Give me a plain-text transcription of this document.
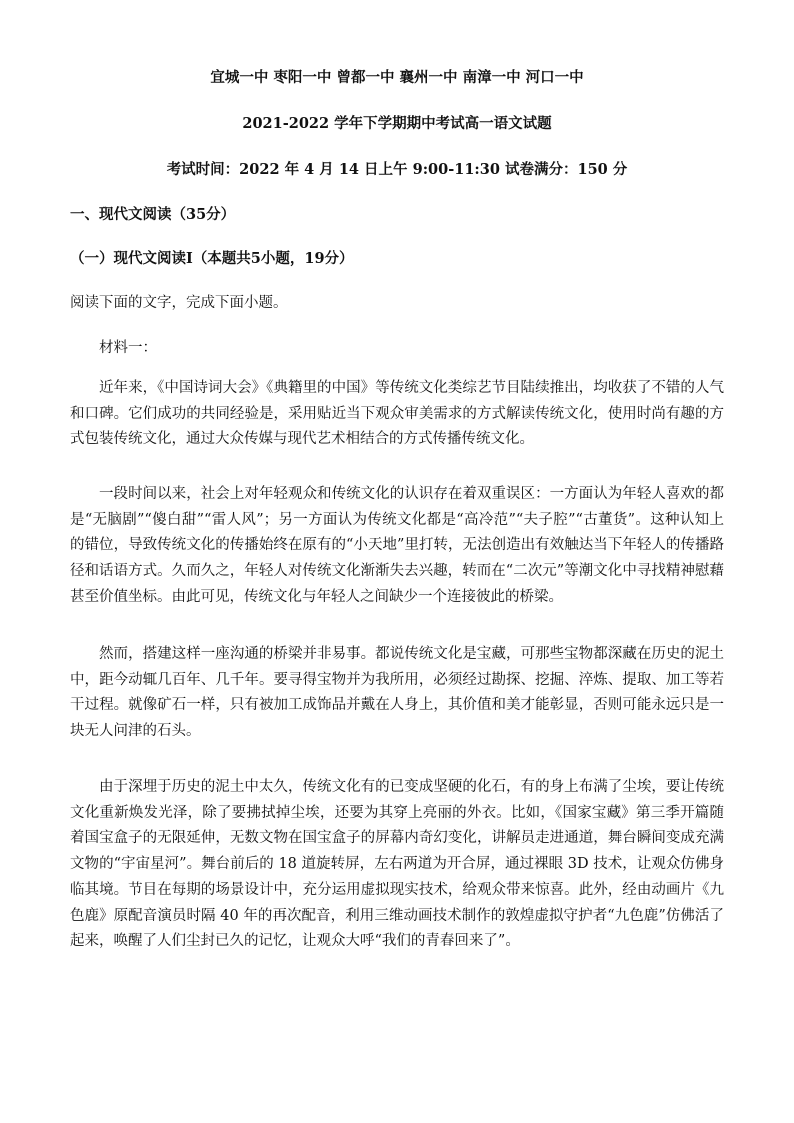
宜城一中 枣阳一中 曾都一中 襄州一中 南漳一中 河口一中
2021-2022 学年下学期期中考试高一语文试题
考试时间：2022 年 4 月 14 日上午 9:00-11:30 试卷满分：150 分
一、现代文阅读（35分）
（一）现代文阅读Ⅰ（本题共5小题，19分）
阅读下面的文字，完成下面小题。
材料一：

近年来，《中国诗词大会》《典籍里的中国》等传统文化类综艺节目陆续推出，均收获了不错的人气和口碑。它们成功的共同经验是，采用贴近当下观众审美需求的方式解读传统文化，使用时尚有趣的方式包装传统文化，通过大众传媒与现代艺术相结合的方式传播传统文化。

一段时间以来，社会上对年轻观众和传统文化的认识存在着双重误区：一方面认为年轻人喜欢的都是“无脑剧”“傻白甜”“雷人风”；另一方面认为传统文化都是“高冷范”“夫子腔”“古董货”。这种认知上的错位，导致传统文化的传播始终在原有的“小天地”里打转，无法创造出有效触达当下年轻人的传播路径和话语方式。久而久之，年轻人对传统文化渐渐失去兴趣，转而在“二次元”等潮文化中寻找精神慰藉甚至价值坐标。由此可见，传统文化与年轻人之间缺少一个连接彼此的桥梁。

然而，搭建这样一座沟通的桥梁并非易事。都说传统文化是宝藏，可那些宝物都深藏在历史的泥土中，距今动辄几百年、几千年。要寻得宝物并为我所用，必须经过勘探、挖掘、淬炼、提取、加工等若干过程。就像矿石一样，只有被加工成饰品并戴在人身上，其价值和美才能彰显，否则可能永远只是一块无人问津的石头。

由于深埋于历史的泥土中太久，传统文化有的已变成坚硬的化石，有的身上布满了尘埃，要让传统文化重新焕发光泽，除了要拂拭掉尘埃，还要为其穿上亮丽的外衣。比如，《国家宝藏》第三季开篇随着国宝盒子的无限延伸，无数文物在国宝盒子的屏幕内奇幻变化，讲解员走进通道，舞台瞬间变成充满文物的“宇宙星河”。舞台前后的 18 道旋转屏，左右两道为开合屏，通过裸眼 3D 技术，让观众仿佛身临其境。节目在每期的场景设计中，充分运用虚拟现实技术，给观众带来惊喜。此外，经由动画片《九色鹿》原配音演员时隔 40 年的再次配音，利用三维动画技术制作的敦煌虚拟守护者“九色鹿”仿佛活了起来，唤醒了人们尘封已久的记忆，让观众大呼“我们的青春回来了”。
